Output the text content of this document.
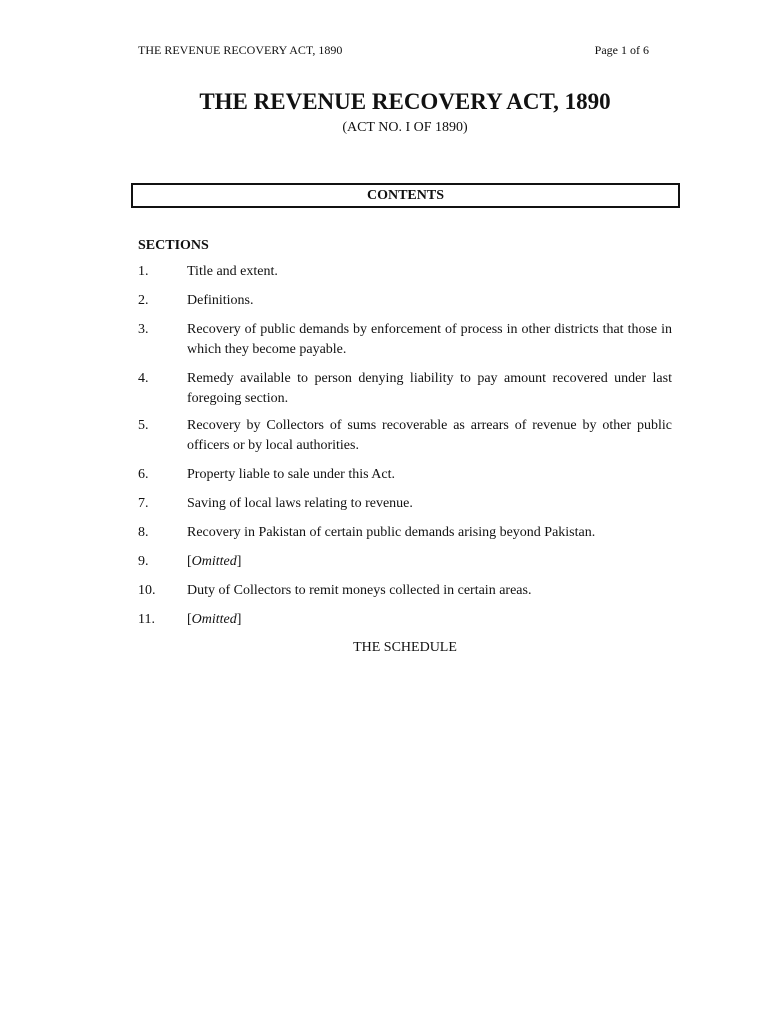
THE REVENUE RECOVERY ACT, 1890	Page 1 of 6
THE REVENUE RECOVERY ACT, 1890
(ACT NO. I OF 1890)
CONTENTS
SECTIONS
1.	Title and extent.
2.	Definitions.
3.	Recovery of public demands by enforcement of process in other districts that those in which they become payable.
4.	Remedy available to person denying liability to pay amount recovered under last foregoing section.
5.	Recovery by Collectors of sums recoverable as arrears of revenue by other public officers or by local authorities.
6.	Property liable to sale under this Act.
7.	Saving of local laws relating to revenue.
8.	Recovery in Pakistan of certain public demands arising beyond Pakistan.
9.	[Omitted]
10.	Duty of Collectors to remit moneys collected in certain areas.
11.	[Omitted]
THE SCHEDULE
